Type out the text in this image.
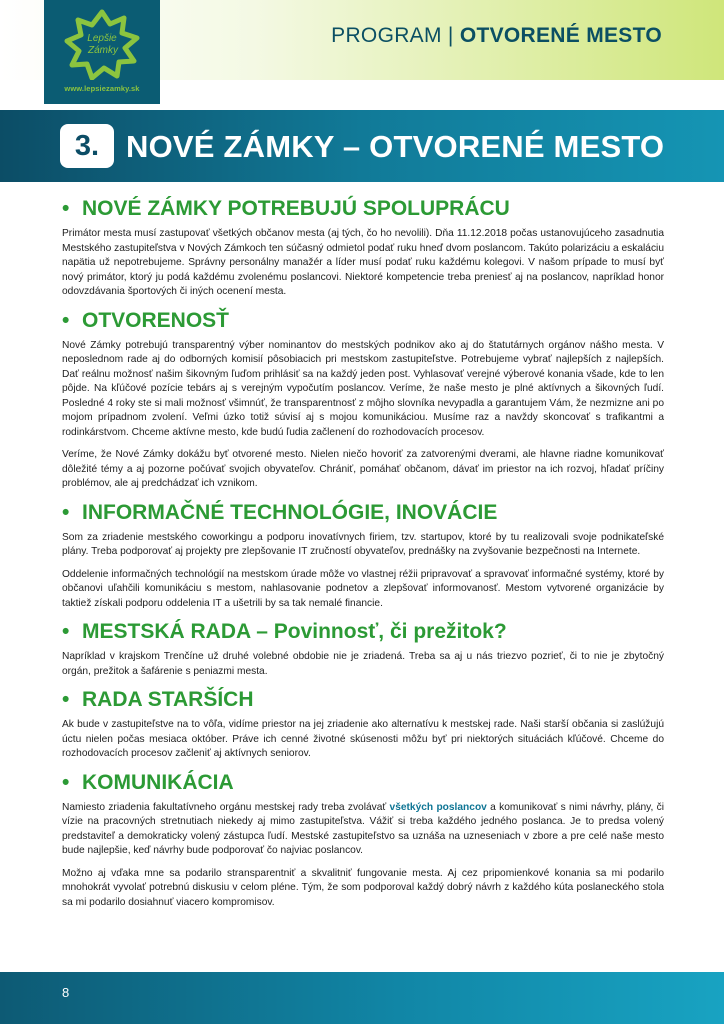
PROGRAM | OTVORENÉ MESTO
Lepšie
Zámky
www.lepsiezamky.sk
3. NOVÉ ZÁMKY – OTVORENÉ MESTO
• NOVÉ ZÁMKY POTREBUJÚ SPOLUPRÁCU

Primátor mesta musí zastupovať všetkých občanov mesta (aj tých, čo ho nevolili). Dňa 11.12.2018 počas ustanovujúceho zasadnutia Mestského zastupiteľstva v Nových Zámkoch ten súčasný odmietol podať ruku hneď dvom poslancom. Takúto polarizáciu a eskaláciu napätia už nepotrebujeme. Správny personálny manažér a líder musí podať ruku každému kolegovi. V našom prípade to musí byť nový primátor, ktorý ju podá každému zvolenému poslancovi. Niektoré kompetencie treba preniesť aj na poslancov, napríklad honor odovzdávania športových či iných ocenení mesta.

• OTVORENOSŤ

Nové Zámky potrebujú transparentný výber nominantov do mestských podnikov ako aj do štatutárnych orgánov nášho mesta. V neposlednom rade aj do odborných komisií pôsobiacich pri mestskom zastupiteľstve. Potrebujeme vybrať najlepších z najlepších. Dať reálnu možnosť našim šikovným ľuďom prihlásiť sa na každý jeden post. Vyhlasovať verejné výberové konania všade, kde to len pôjde. Na kľúčové pozície tebárs aj s verejným vypočutím poslancov. Veríme, že naše mesto je plné aktívnych a šikovných ľudí. Posledné 4 roky ste si mali možnosť všimnúť, že transparentnosť z môjho slovníka nevypadla a garantujem Vám, že nezmizne ani po mojom prípadnom zvolení. Veľmi úzko totiž súvisí aj s mojou komunikáciou. Musíme raz a navždy skoncovať s trafikantmi a rodinkárstvom. Chceme aktívne mesto, kde budú ľudia začlenení do rozhodovacích procesov.

Veríme, že Nové Zámky dokážu byť otvorené mesto. Nielen niečo hovoriť za zatvorenými dverami, ale hlavne riadne komunikovať dôležité témy a aj pozorne počúvať svojich obyvateľov. Chrániť, pomáhať občanom, dávať im priestor na ich rozvoj, hľadať príčiny problémov, ale aj predchádzať ich vznikom.

• INFORMAČNÉ TECHNOLÓGIE, INOVÁCIE

Som za zriadenie mestského coworkingu a podporu inovatívnych firiem, tzv. startupov, ktoré by tu realizovali svoje podnikateľské plány. Treba podporovať aj projekty pre zlepšovanie IT zručností obyvateľov, prednášky na zvyšovanie bezpečnosti na Internete.

Oddelenie informačných technológií na mestskom úrade môže vo vlastnej réžii pripravovať a spravovať informačné systémy, ktoré by občanovi uľahčili komunikáciu s mestom, nahlasovanie podnetov a zlepšovať informovanosť. Mestom vytvorené organizácie by taktiež získali podporu oddelenia IT a ušetrili by sa tak nemalé financie.

• MESTSKÁ RADA – Povinnosť, či prežitok?

Napríklad v krajskom Trenčíne už druhé volebné obdobie nie je zriadená. Treba sa aj u nás triezvo pozrieť, či to nie je zbytočný orgán, prežitok a šafárenie s peniazmi mesta.

• RADA STARŠÍCH

Ak bude v zastupiteľstve na to vôľa, vidíme priestor na jej zriadenie ako alternatívu k mestskej rade. Naši starší občania si zaslúžujú úctu nielen počas mesiaca október. Práve ich cenné životné skúsenosti môžu byť pri niektorých situáciách kľúčové. Chceme do rozhodovacích procesov začleniť aj aktívnych seniorov.

• KOMUNIKÁCIA

Namiesto zriadenia fakultatívneho orgánu mestskej rady treba zvolávať všetkých poslancov a komunikovať s nimi návrhy, plány, či vízie na pracovných stretnutiach niekedy aj mimo zastupiteľstva. Vážiť si treba každého jedného poslanca. Je to predsa volený predstaviteľ a demokraticky volený zástupca ľudí. Mestské zastupiteľstvo sa uznáša na uzneseniach v zbore a pre celé naše mesto bude najlepšie, keď návrhy bude podporovať čo najviac poslancov.

Možno aj vďaka mne sa podarilo stransparentniť a skvalitniť fungovanie mesta. Aj cez pripomienkové konania sa mi podarilo mnohokrát vyvolať potrebnú diskusiu v celom pléne. Tým, že som podporoval každý dobrý návrh z každého kúta poslaneckého stola sa mi podarilo dosiahnuť viacero kompromisov.

8
